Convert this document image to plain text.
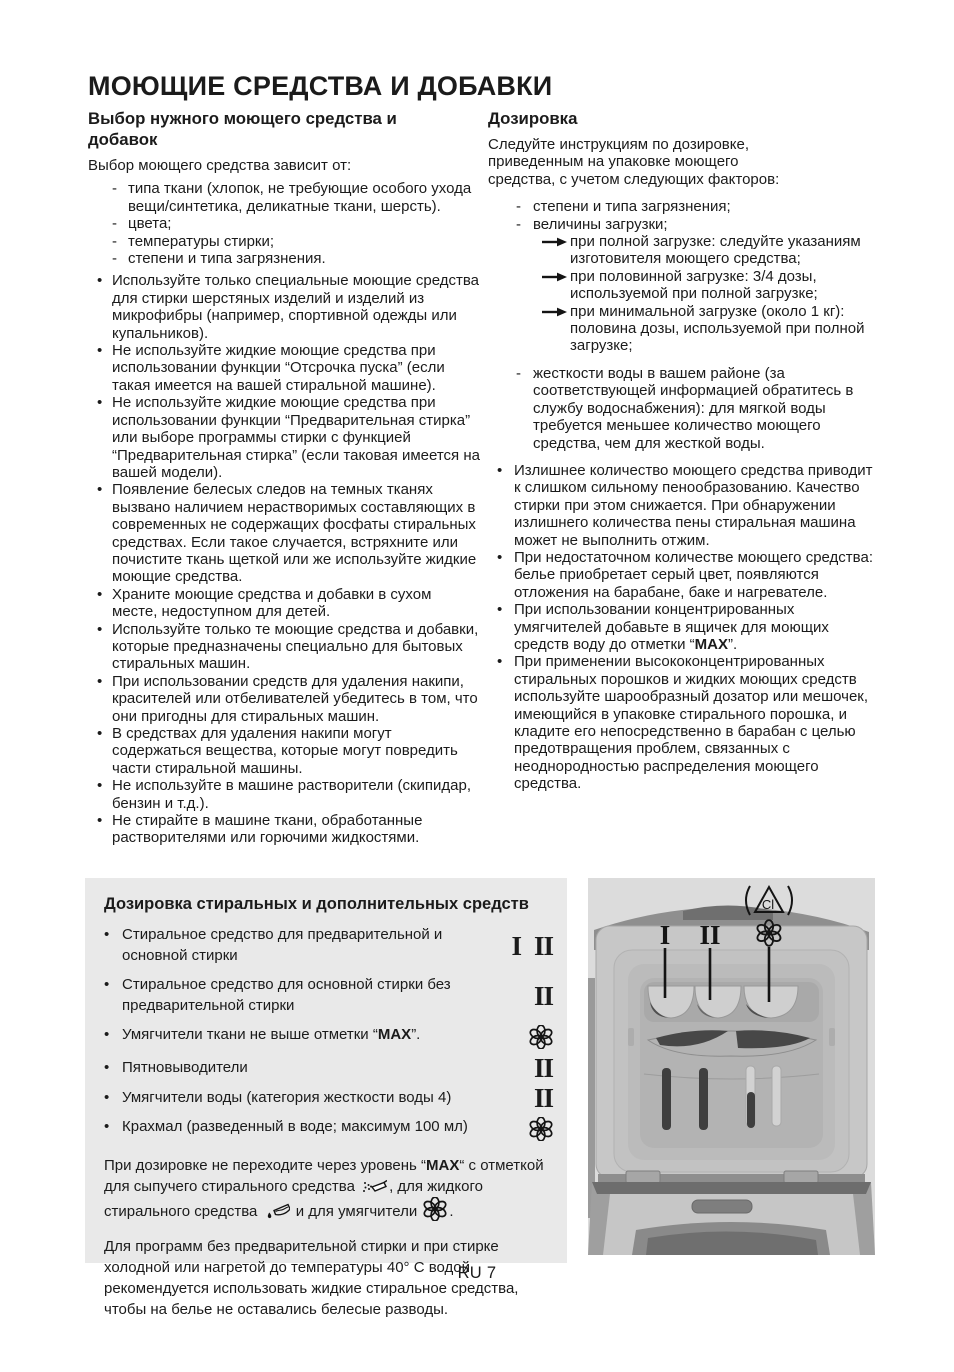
МОЮЩИЕ СРЕДСТВА И ДОБАВКИ
Выбор нужного моющего средства и добавок

Выбор моющего средства зависит от:

- типа ткани (хлопок, не требующие особого ухода вещи/синтетика, деликатные ткани, шерсть).
- цвета;
- температуры стирки;
- степени и типа загрязнения.
• Используйте только специальные моющие средства для стирки шерстяных изделий и изделий из микрофибры (например, спортивной одежды или купальников).
• Не используйте жидкие моющие средства при использовании функции “Отсрочка пуска” (если такая имеется на вашей стиральной машине).
• Не используйте жидкие моющие средства при использовании функции “Предварительная стирка” или выборе программы стирки с функцией “Предварительная стирка” (если таковая имеется на вашей модели).
• Появление белесых следов на темных тканях вызвано наличием нерастворимых составляющих в современных не содержащих фосфаты стиральных средствах. Если такое случается, встряхните или почистите ткань щеткой или же используйте жидкие моющие средства.
• Храните моющие средства и добавки в сухом месте, недоступном для детей.
• Используйте только те моющие средства и добавки, которые предназначены специально для бытовых стиральных машин.
• При использовании средств для удаления накипи, красителей или отбеливателей убедитесь в том, что они пригодны для стиральных машин.
• В средствах для удаления накипи могут содержаться вещества, которые могут повредить части стиральной машины.
• Не используйте в машине растворители (скипидар, бензин и т.д.).
• Не стирайте в машине ткани, обработанные растворителями или горючими жидкостями.
Дозировка

Следуйте инструкциям по дозировке, приведенным на упаковке моющего средства, с учетом следующих факторов:

- степени и типа загрязнения;
- величины загрузки;
при полной загрузке: следуйте указаниям изготовителя моющего средства;
при половинной загрузке: 3/4 дозы, используемой при полной загрузке;
при минимальной загрузке (около 1 кг): половина дозы, используемой при полной загрузке;
- жесткости воды в вашем районе (за соответствующей информацией обратитесь в службу водоснабжения): для мягкой воды требуется меньшее количество моющего средства, чем для жесткой воды.
• Излишнее количество моющего средства приводит к слишком сильному пенообразованию. Качество стирки при этом снижается. При обнаружении излишнего количества пены стиральная машина может не выполнить отжим.
• При недостаточном количестве моющего средства: белье приобретает серый цвет, появляются отложения на барабане, баке и нагревателе.
• При использовании концентрированных умягчителей добавьте в ящичек для моющих средств воду до отметки “MAX”.
• При применении высококонцентрированных стиральных порошков и жидких моющих средств используйте шарообразный дозатор или мешочек, имеющийся в упаковке стирального порошка, и кладите его непосредственно в барабан с целью предотвращения проблем, связанных с неоднородностью распределения моющего средства.
Дозировка стиральных и дополнительных средств
•
Стиральное средство для предварительной и основной стирки	I II
•
Стиральное средство для основной стирки без предварительной стирки	II
•
Умягчители ткани не выше отметки “MAX”.
•
Пятновыводители	II
•
Умягчители воды (категория жесткости воды 4)	II
•
Крахмал (разведенный в воде; максимум 100 мл)

При дозировке не переходите через уровень “MAX“ с отметкой для сыпучего стирального средства
, для жидкого стирального средства
и для умягчители
.

Для программ без предварительной стирки и при стирке холодной или нагретой до температуры 40° C водой рекомендуется использовать жидкие стиральное средства, чтобы на белье не оставались белесые разводы.

I II
Cl
RU 7
